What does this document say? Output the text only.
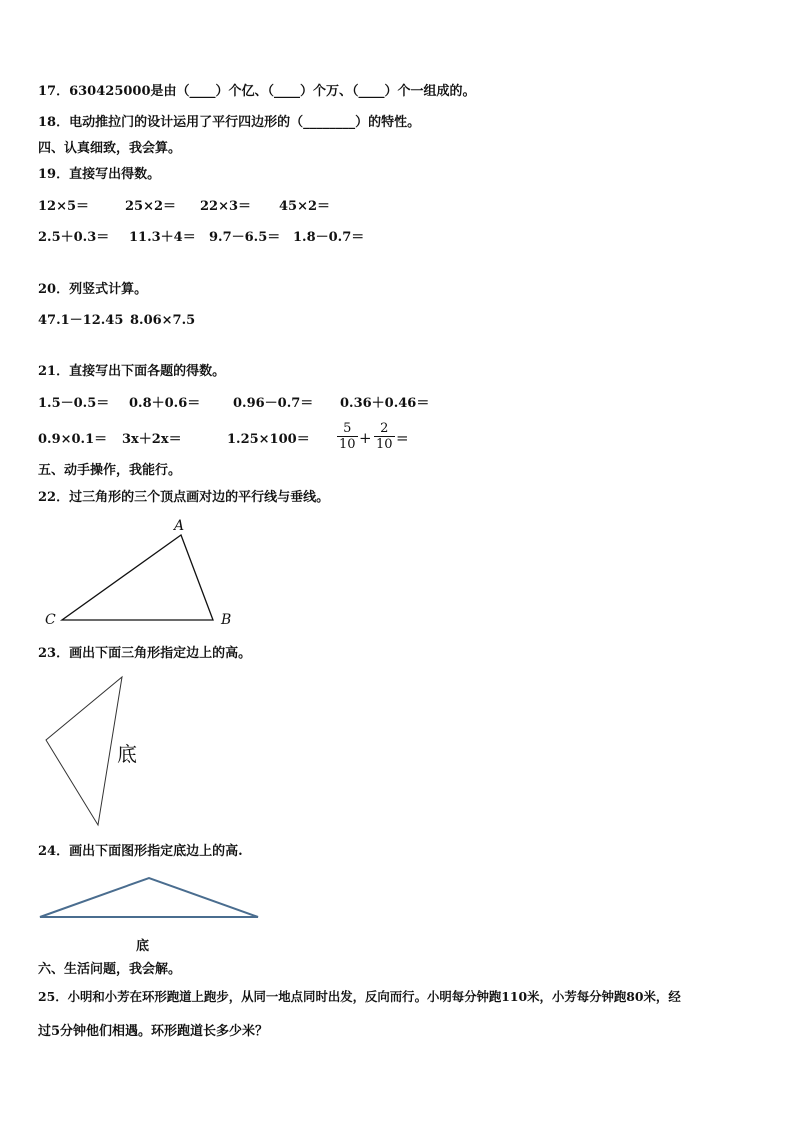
17．630425000是由（____）个亿、（____）个万、（____）个一组成的。
18．电动推拉门的设计运用了平行四边形的（________）的特性。
四、认真细致，我会算。
19．直接写出得数。
12×5＝	25×2＝ 22×3＝ 45×2＝
2.5＋0.3＝ 11.3＋4＝ 9.7－6.5＝ 1.8－0.7＝
20．列竖式计算。
47.1－12.45 8.06×7.5
21．直接写出下面各题的得数。
1.5－0.5＝ 0.8＋0.6＝	0.96－0.7＝ 0.36＋0.46＝
0.9×0.1＝ 3x＋2x＝	$1.25\times 100= \frac{5}{10} + \frac{2}{10}$ =
五、动手操作，我能行。
22．过三角形的三个顶点画对边的平行线与垂线。
A
B
C
23．画出下面三角形指定边上的高。
底
24．画出下面图形指定底边上的高.
底
六、生活问题，我会解。
25．小明和小芳在环形跑道上跑步，从同一地点同时出发，反向而行。小明每分钟跑110米，小芳每分钟跑80米，经
过5分钟他们相遇。环形跑道长多少米？
